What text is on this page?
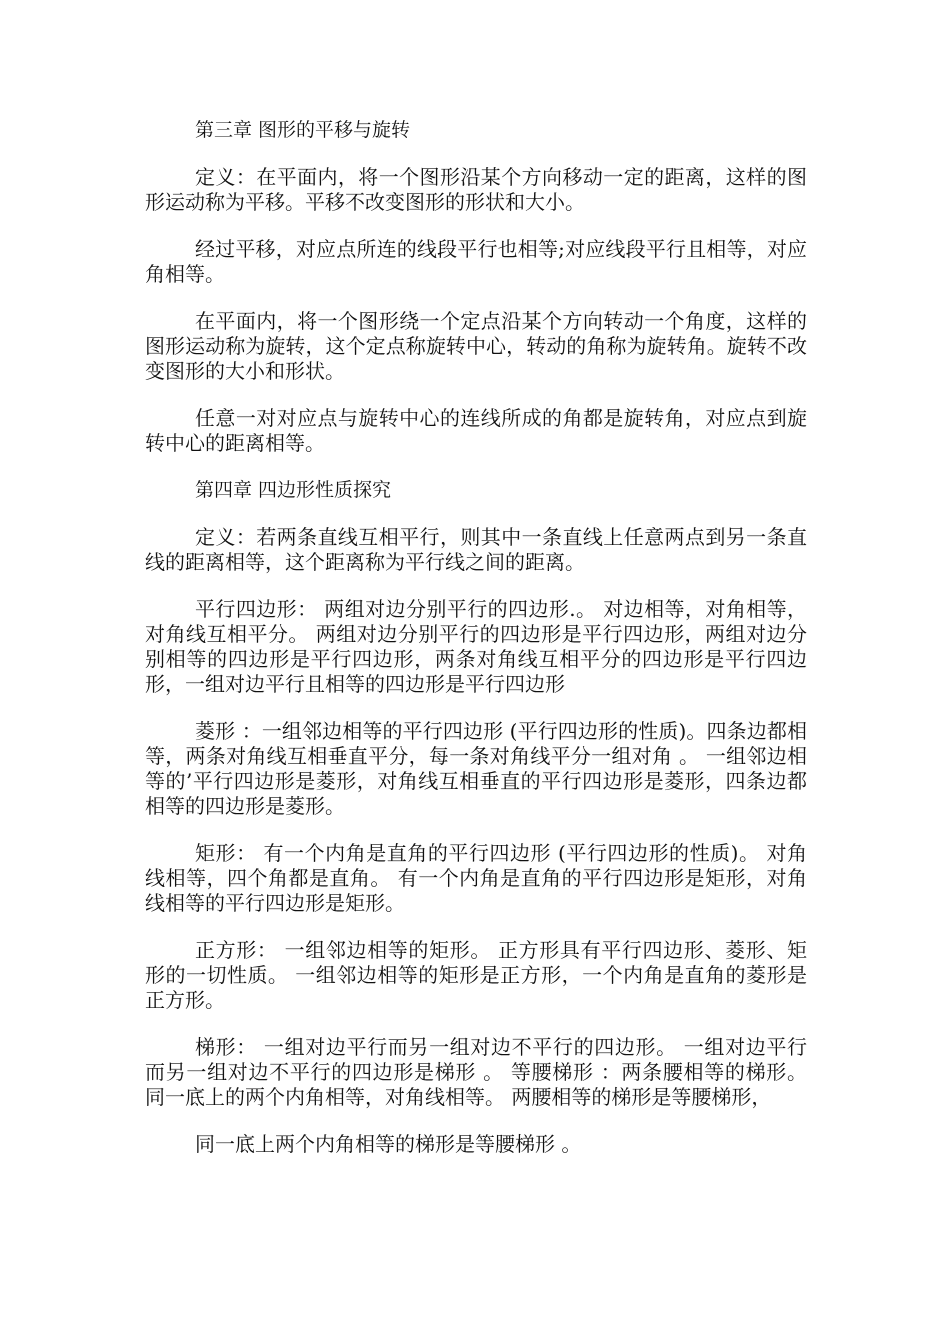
第三章 图形的平移与旋转

定义：在平面内，将一个图形沿某个方向移动一定的距离，这样的图形运动称为平移。平移不改变图形的形状和大小。

经过平移，对应点所连的线段平行也相等;对应线段平行且相等，对应角相等。

在平面内，将一个图形绕一个定点沿某个方向转动一个角度，这样的图形运动称为旋转，这个定点称旋转中心，转动的角称为旋转角。旋转不改变图形的大小和形状。

任意一对对应点与旋转中心的连线所成的角都是旋转角，对应点到旋转中心的距离相等。

第四章 四边形性质探究

定义：若两条直线互相平行，则其中一条直线上任意两点到另一条直线的距离相等，这个距离称为平行线之间的距离。

平行四边形： 两组对边分别平行的四边形.。 对边相等，对角相等，对角线互相平分。 两组对边分别平行的四边形是平行四边形，两组对边分别相等的四边形是平行四边形，两条对角线互相平分的四边形是平行四边形，一组对边平行且相等的四边形是平行四边形

菱形 ：一组邻边相等的平行四边形 (平行四边形的性质)。四条边都相等，两条对角线互相垂直平分，每一条对角线平分一组对角 。 一组邻边相等的’平行四边形是菱形，对角线互相垂直的平行四边形是菱形，四条边都相等的四边形是菱形。

矩形： 有一个内角是直角的平行四边形 (平行四边形的性质)。 对角线相等，四个角都是直角。 有一个内角是直角的平行四边形是矩形，对角线相等的平行四边形是矩形。

正方形： 一组邻边相等的矩形。 正方形具有平行四边形、菱形、矩形的一切性质。 一组邻边相等的矩形是正方形，一个内角是直角的菱形是正方形。

梯形： 一组对边平行而另一组对边不平行的四边形。 一组对边平行而另一组对边不平行的四边形是梯形 。 等腰梯形 ：两条腰相等的梯形。 同一底上的两个内角相等，对角线相等。 两腰相等的梯形是等腰梯形，

同一底上两个内角相等的梯形是等腰梯形 。
